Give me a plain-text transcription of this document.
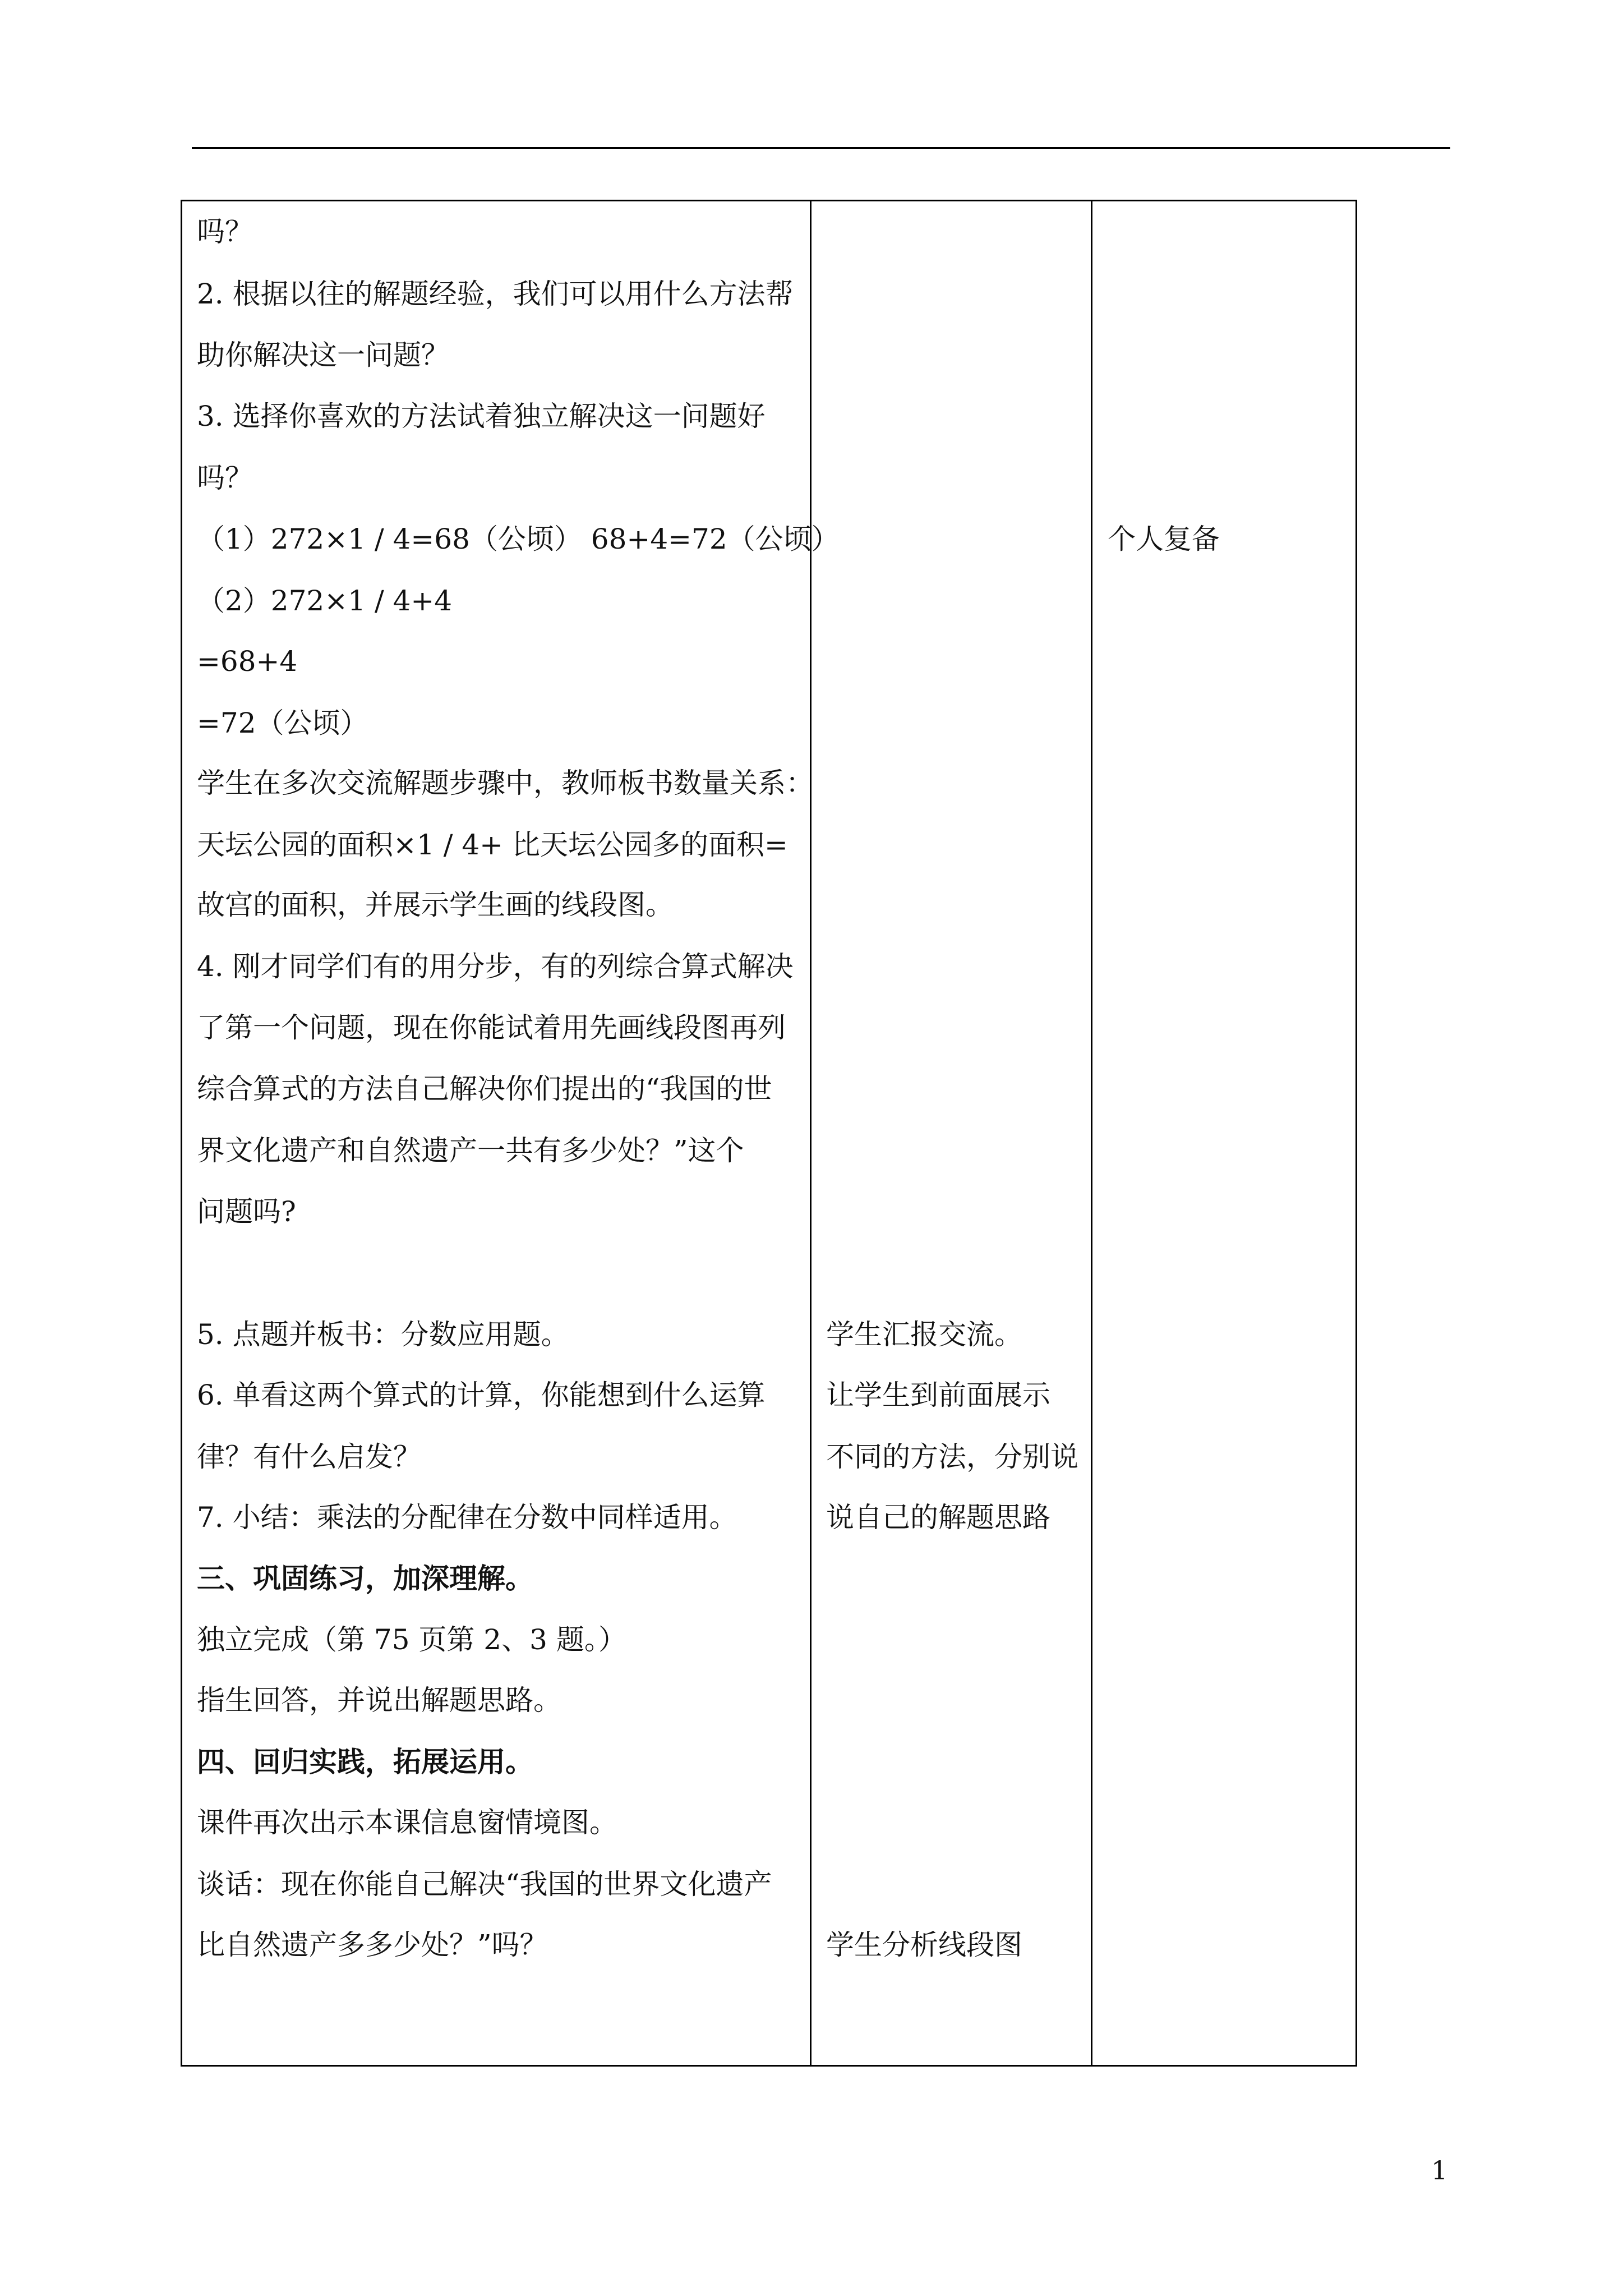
吗？
2. 根据以往的解题经验，我们可以用什么方法帮
助你解决这一问题？
3. 选择你喜欢的方法试着独立解决这一问题好
吗？
（1）272×1 / 4=68（公顷） 68+4=72（公顷）
（2）272×1 / 4+4
=68+4
=72（公顷）
学生在多次交流解题步骤中，教师板书数量关系：
天坛公园的面积×1 / 4+ 比天坛公园多的面积=
故宫的面积，并展示学生画的线段图。
4. 刚才同学们有的用分步，有的列综合算式解决
了第一个问题，现在你能试着用先画线段图再列
综合算式的方法自己解决你们提出的“我国的世
界文化遗产和自然遗产一共有多少处？”这个
问题吗?
5. 点题并板书：分数应用题。
6. 单看这两个算式的计算，你能想到什么运算
律？有什么启发？
7. 小结：乘法的分配律在分数中同样适用。
三、巩固练习，加深理解。
独立完成（第 75 页第 2、3 题。）
指生回答，并说出解题思路。
四、回归实践，拓展运用。
课件再次出示本课信息窗情境图。
谈话：现在你能自己解决“我国的世界文化遗产
比自然遗产多多少处？”吗？
学生汇报交流。
让学生到前面展示
不同的方法，分别说
说自己的解题思路
学生分析线段图
个人复备
1
